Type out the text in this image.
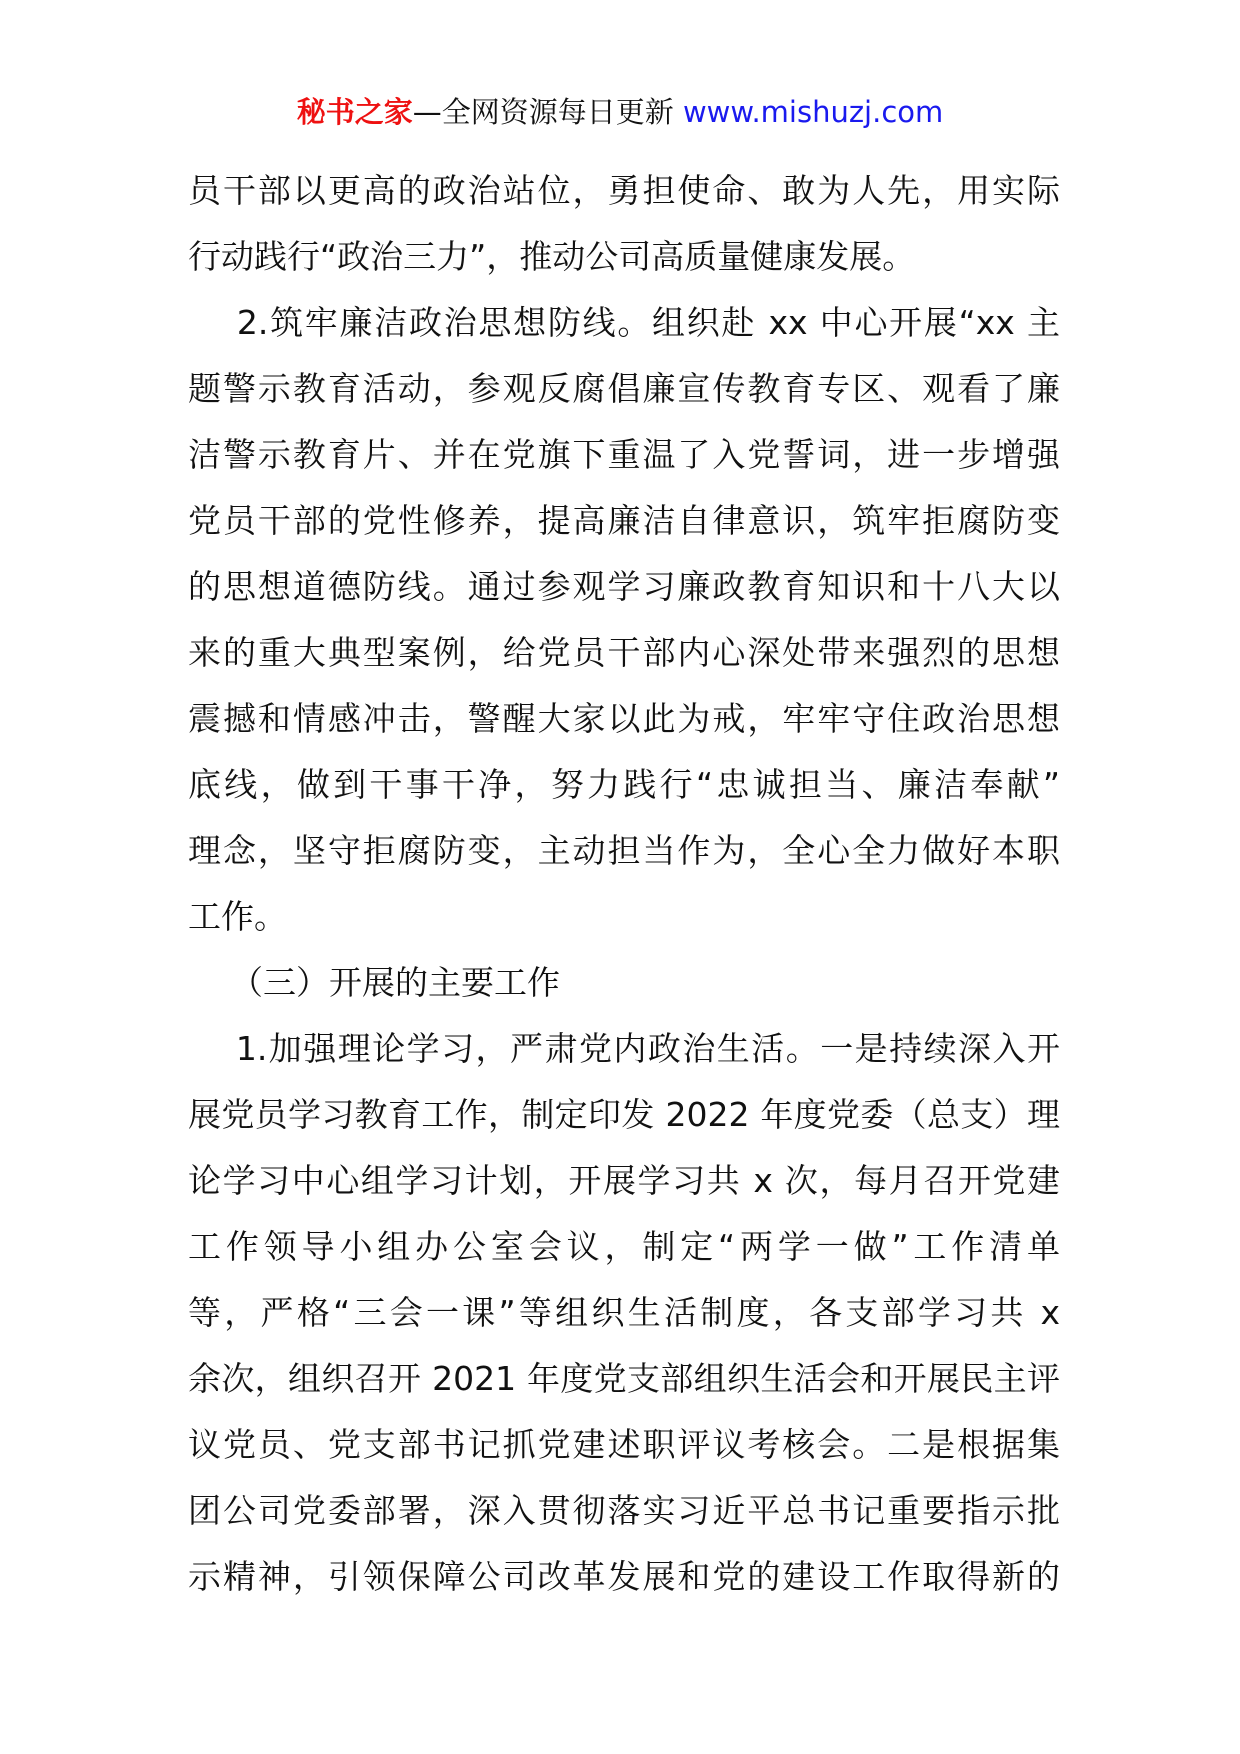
秘书之家—全网资源每日更新 www.mishuzj.com
员干部以更高的政治站位，勇担使命、敢为人先，用实际
行动践行“政治三力”，推动公司高质量健康发展。
2.筑牢廉洁政治思想防线。组织赴 xx 中心开展“xx 主
题警示教育活动，参观反腐倡廉宣传教育专区、观看了廉
洁警示教育片、并在党旗下重温了入党誓词，进一步增强
党员干部的党性修养，提高廉洁自律意识，筑牢拒腐防变
的思想道德防线。通过参观学习廉政教育知识和十八大以
来的重大典型案例，给党员干部内心深处带来强烈的思想
震撼和情感冲击，警醒大家以此为戒，牢牢守住政治思想
底线，做到干事干净，努力践行“忠诚担当、廉洁奉献”
理念，坚守拒腐防变，主动担当作为，全心全力做好本职
工作。
（三）开展的主要工作
1.加强理论学习，严肃党内政治生活。一是持续深入开
展党员学习教育工作，制定印发 2022 年度党委（总支）理
论学习中心组学习计划，开展学习共 x 次，每月召开党建
工作领导小组办公室会议，制定“两学一做”工作清单
等，严格“三会一课”等组织生活制度，各支部学习共 x
余次，组织召开 2021 年度党支部组织生活会和开展民主评
议党员、党支部书记抓党建述职评议考核会。二是根据集
团公司党委部署，深入贯彻落实习近平总书记重要指示批
示精神，引领保障公司改革发展和党的建设工作取得新的
